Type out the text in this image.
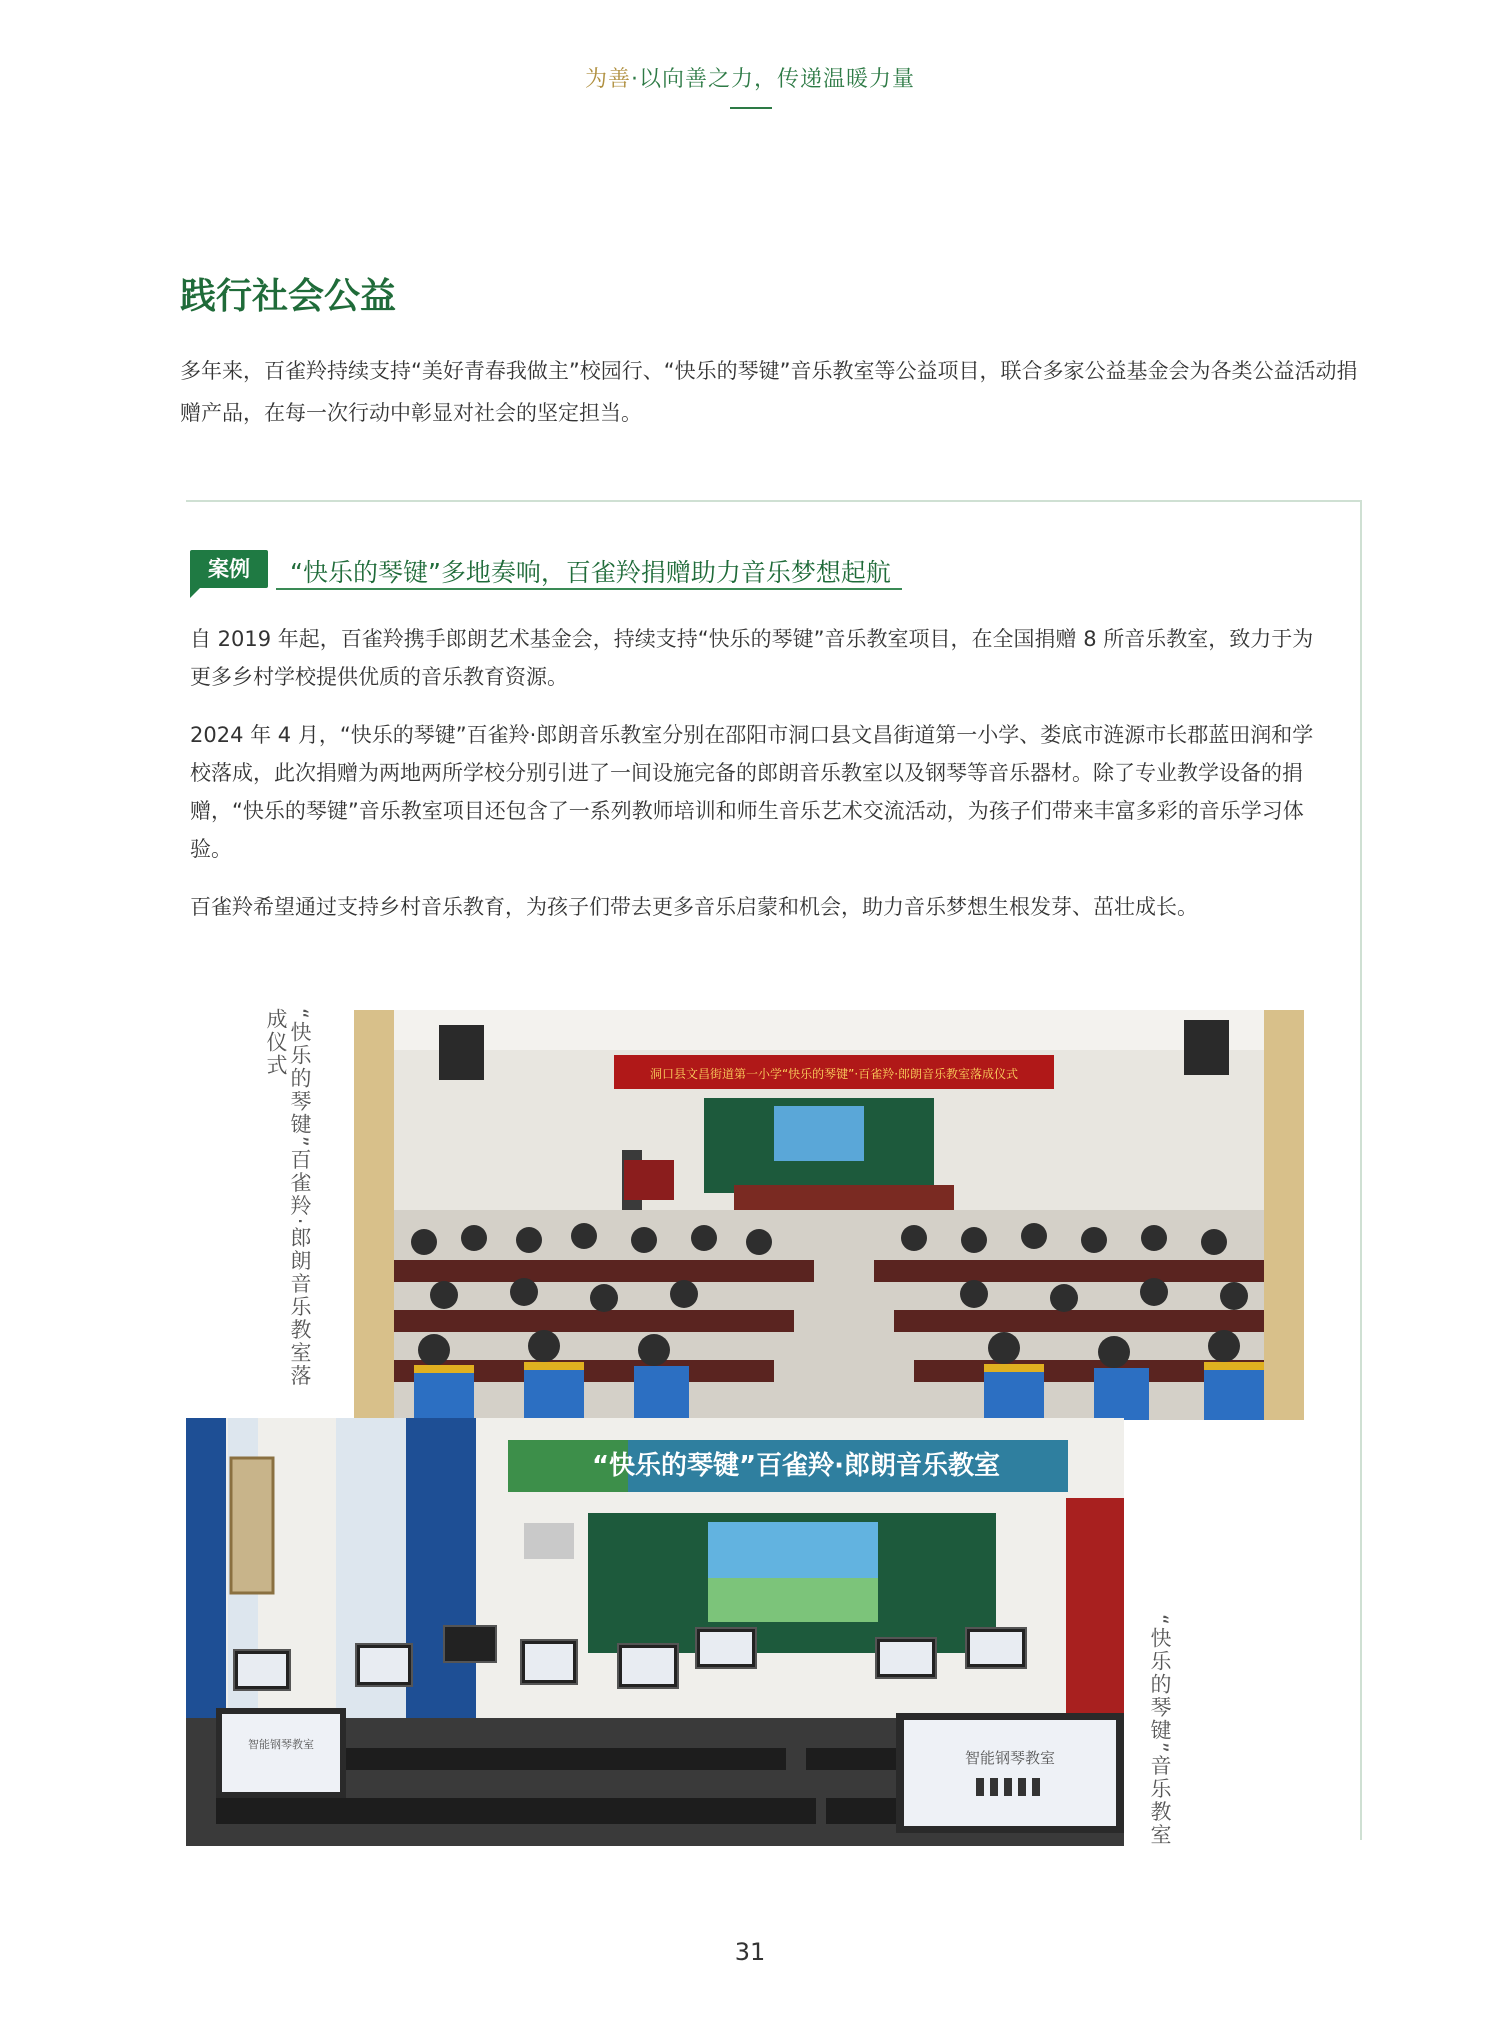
为善·以向善之力，传递温暖力量
践行社会公益

多年来，百雀羚持续支持“美好青春我做主”校园行、“快乐的琴键”音乐教室等公益项目，联合多家公益基金会为各类公益活动捐赠产品，在每一次行动中彰显对社会的坚定担当。

案例	“快乐的琴键”多地奏响，百雀羚捐赠助力音乐梦想起航

自 2019 年起，百雀羚携手郎朗艺术基金会，持续支持“快乐的琴键”音乐教室项目，在全国捐赠 8 所音乐教室，致力于为更多乡村学校提供优质的音乐教育资源。

2024 年 4 月，“快乐的琴键”百雀羚·郎朗音乐教室分别在邵阳市洞口县文昌街道第一小学、娄底市涟源市长郡蓝田润和学校落成，此次捐赠为两地两所学校分别引进了一间设施完备的郎朗音乐教室以及钢琴等音乐器材。除了专业教学设备的捐赠，“快乐的琴键”音乐教室项目还包含了一系列教师培训和师生音乐艺术交流活动，为孩子们带来丰富多彩的音乐学习体验。

百雀羚希望通过支持乡村音乐教育，为孩子们带去更多音乐启蒙和机会，助力音乐梦想生根发芽、茁壮成长。

洞口县文昌街道第一小学“快乐的琴键”·百雀羚·郎朗音乐教室落成仪式
“快乐的琴键”百雀羚·郎朗音乐教室
智能钢琴教室
智能钢琴教室
“快乐的琴键”百雀羚·郎朗音乐教室落成仪式
“快乐的琴键”音乐教室
31
